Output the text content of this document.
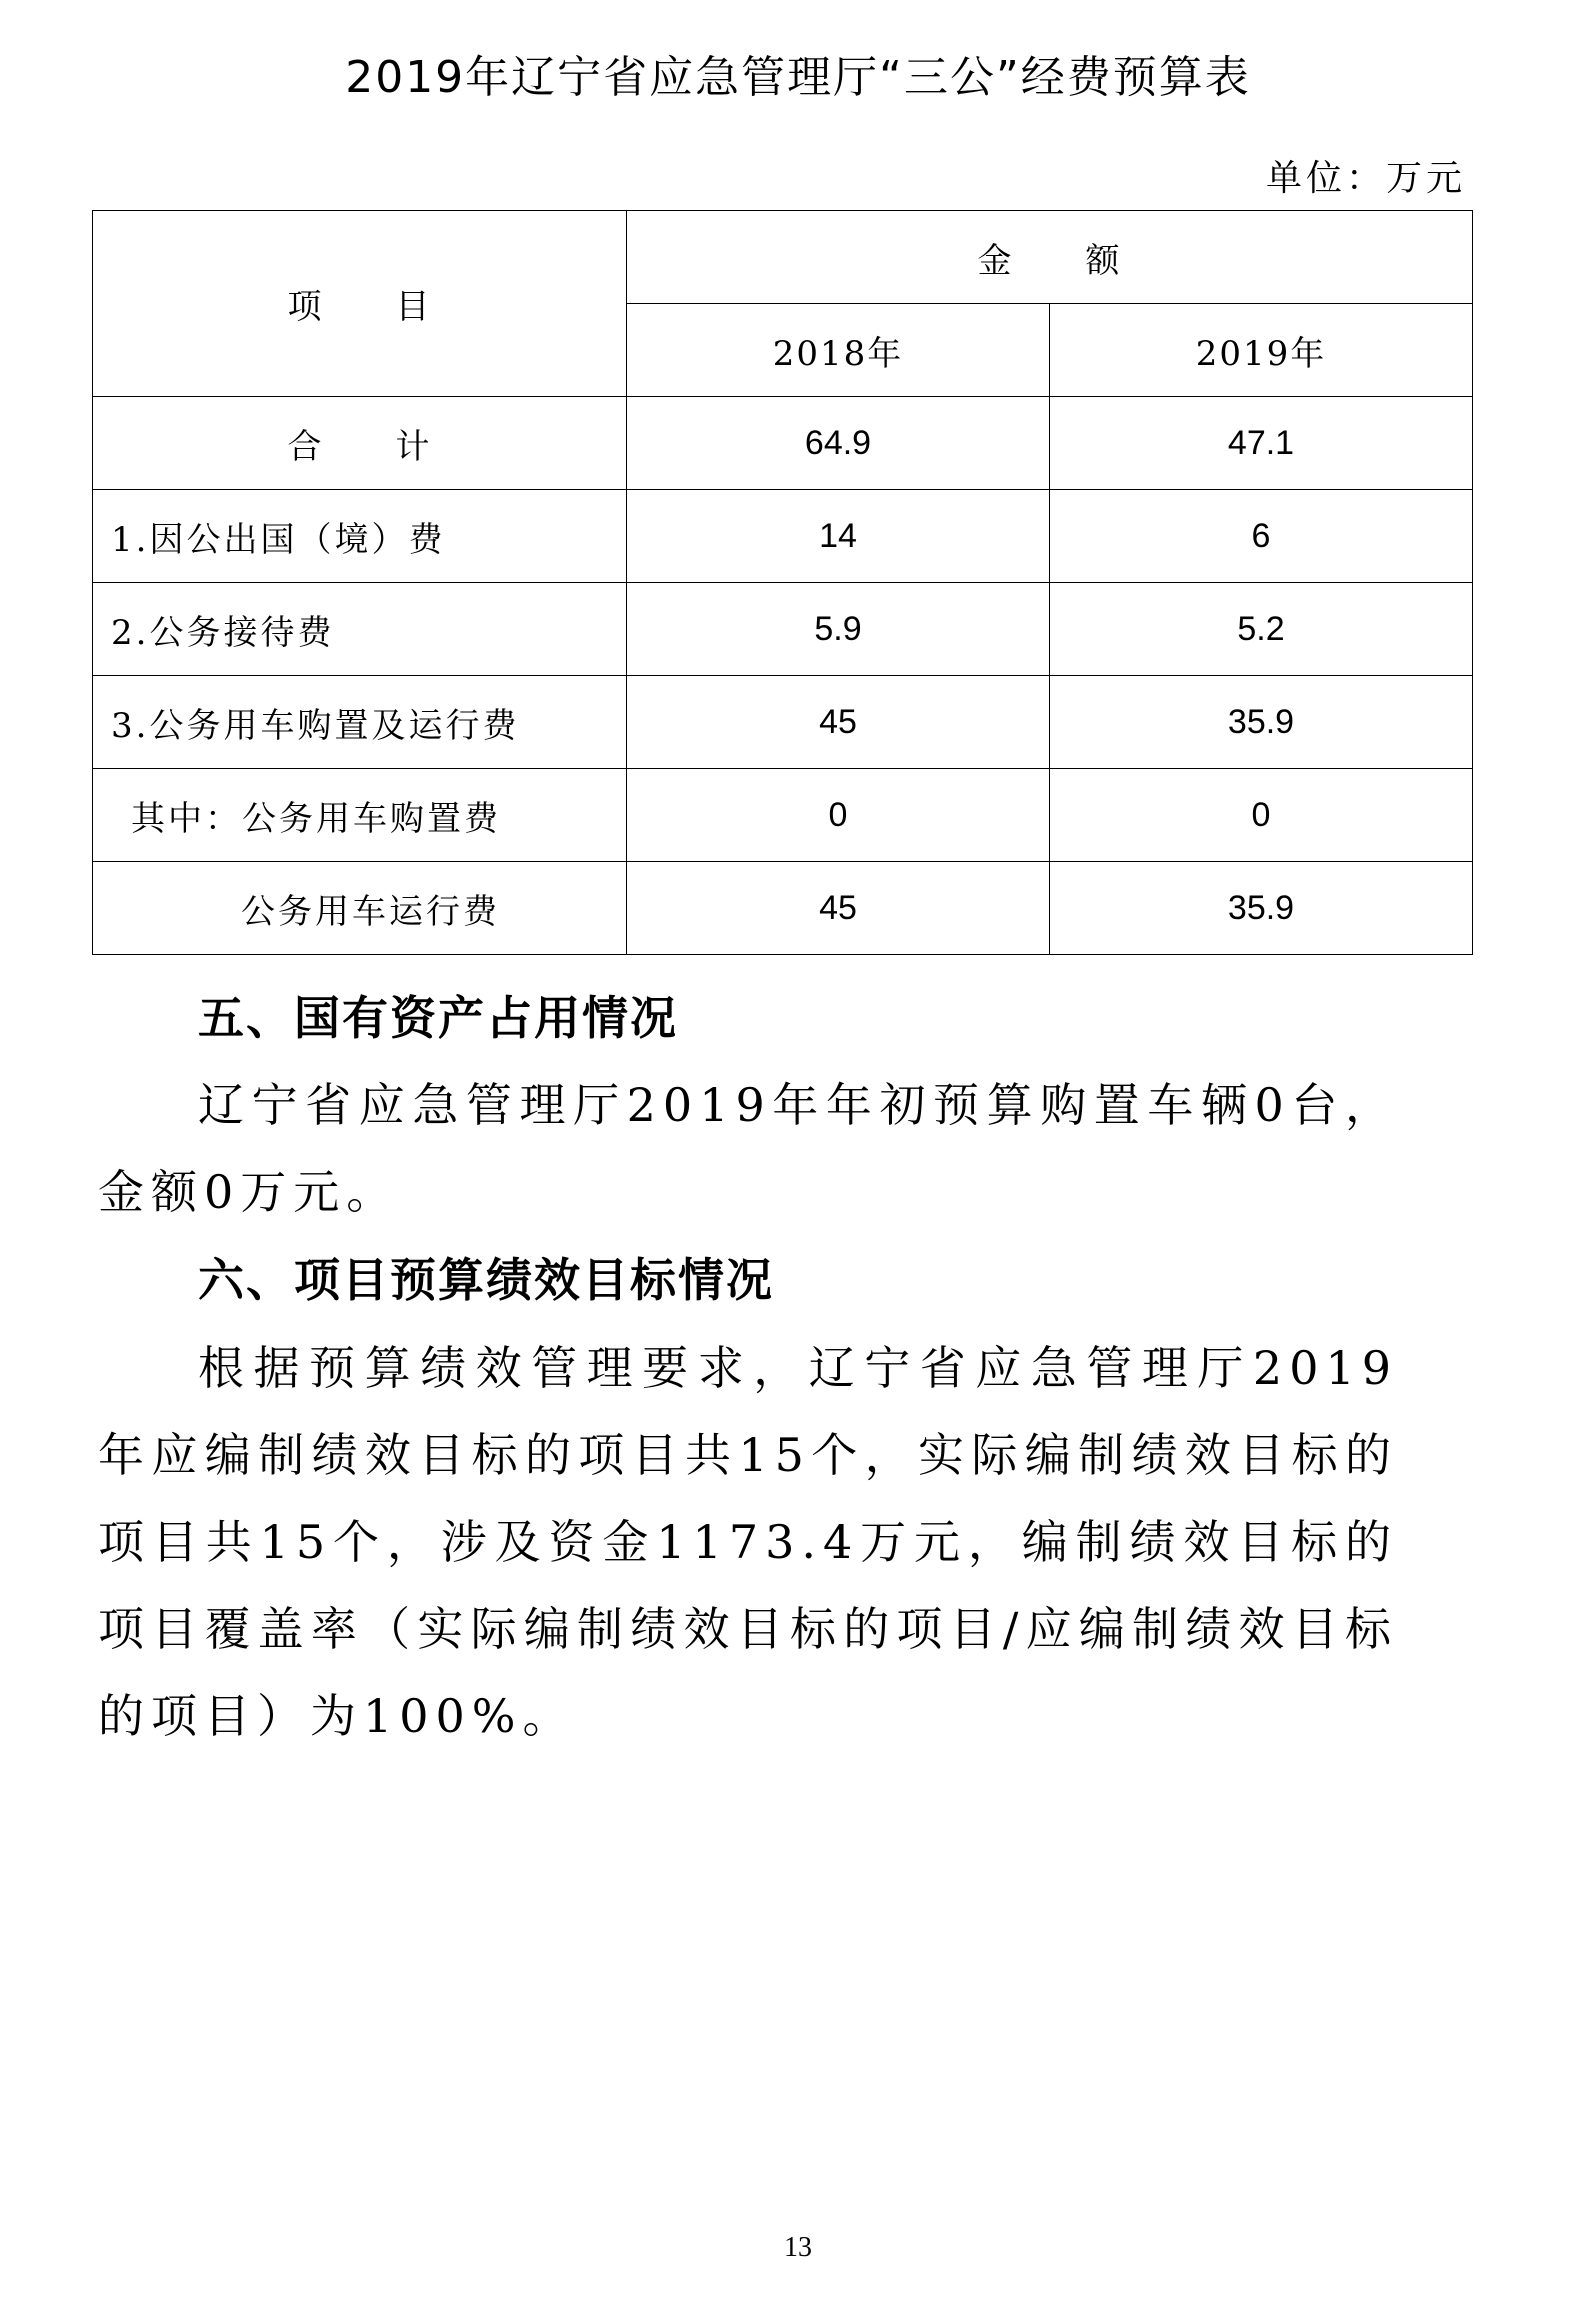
2019年辽宁省应急管理厅“三公”经费预算表
单位：万元
项　　目	金　　额	
	2018年	2019年
合　　计	64.9	47.1
1.因公出国（境）费	14	6
2.公务接待费	5.9	5.2
3.公务用车购置及运行费	45	35.9
其中：公务用车购置费	0	0
公务用车运行费	45	35.9
五、国有资产占用情况
辽宁省应急管理厅2019年年初预算购置车辆0台，金额0万元。
六、项目预算绩效目标情况
根据预算绩效管理要求，辽宁省应急管理厅2019年应编制绩效目标的项目共15个，实际编制绩效目标的项目共15个，涉及资金1173.4万元，编制绩效目标的项目覆盖率（实际编制绩效目标的项目/应编制绩效目标的项目）为100%。
13
